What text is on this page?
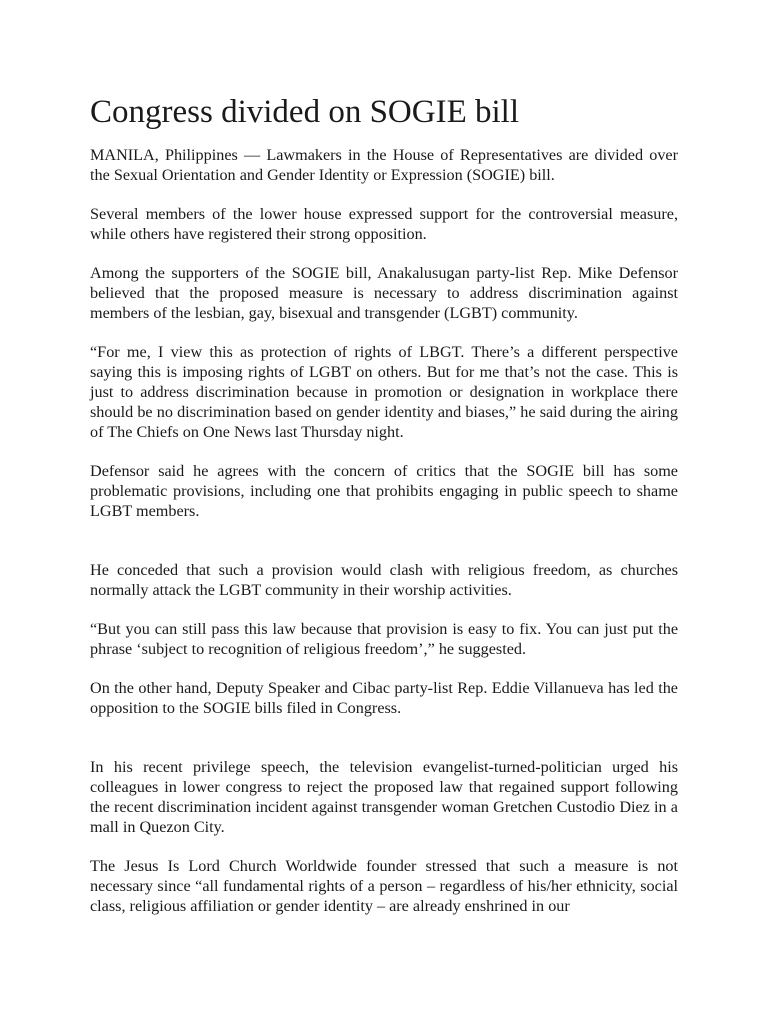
Congress divided on SOGIE bill

MANILA, Philippines — Lawmakers in the House of Representatives are divided over the Sexual Orientation and Gender Identity or Expression (SOGIE) bill.

Several members of the lower house expressed support for the controversial measure, while others have registered their strong opposition.

Among the supporters of the SOGIE bill, Anakalusugan party-list Rep. Mike Defensor believed that the proposed measure is necessary to address discrimination against members of the lesbian, gay, bisexual and transgender (LGBT) community.

“For me, I view this as protection of rights of LBGT. There’s a different perspective saying this is imposing rights of LGBT on others. But for me that’s not the case. This is just to address discrimination because in promotion or designation in workplace there should be no discrimination based on gender identity and biases,” he said during the airing of The Chiefs on One News last Thursday night.

Defensor said he agrees with the concern of critics that the SOGIE bill has some problematic provisions, including one that prohibits engaging in public speech to shame LGBT members.

He conceded that such a provision would clash with religious freedom, as churches normally attack the LGBT community in their worship activities.

“But you can still pass this law because that provision is easy to fix. You can just put the phrase ‘subject to recognition of religious freedom’,” he suggested.

On the other hand, Deputy Speaker and Cibac party-list Rep. Eddie Villanueva has led the opposition to the SOGIE bills filed in Congress.

In his recent privilege speech, the television evangelist-turned-politician urged his colleagues in lower congress to reject the proposed law that regained support following the recent discrimination incident against transgender woman Gretchen Custodio Diez in a mall in Quezon City.

The Jesus Is Lord Church Worldwide founder stressed that such a measure is not necessary since “all fundamental rights of a person – regardless of his/her ethnicity, social class, religious affiliation or gender identity – are already enshrined in our
